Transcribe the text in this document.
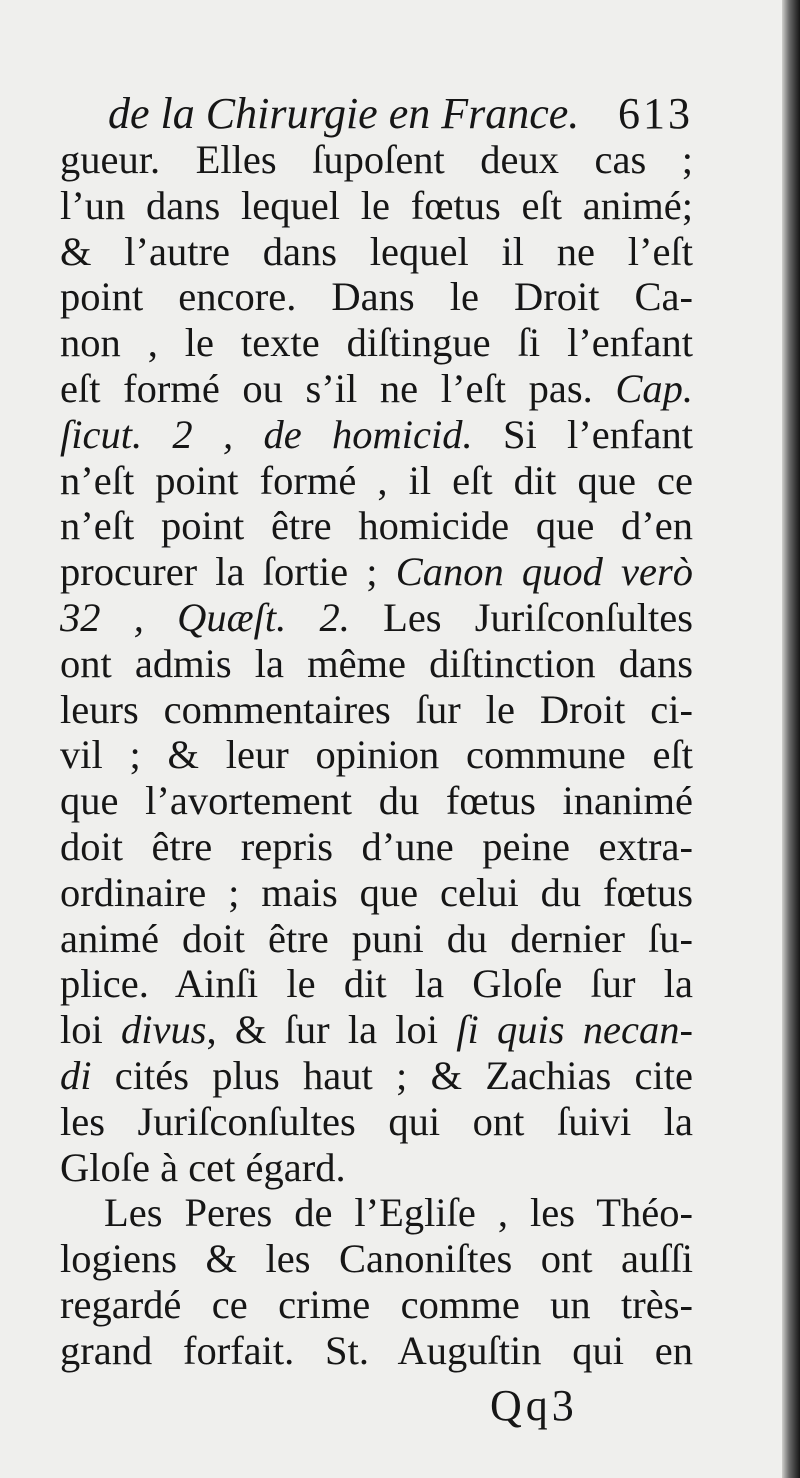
de la Chirurgie en France. 613
gueur. Elles ſupoſent deux cas ;
l’un dans lequel le fœtus eſt animé;
& l’autre dans lequel il ne l’eſt
point encore. Dans le Droit Ca-
non , le texte diſtingue ſi l’enfant
eſt formé ou s’il ne l’eſt pas. Cap.
ſicut. 2 , de homicid. Si l’enfant
n’eſt point formé , il eſt dit que ce
n’eſt point être homicide que d’en
procurer la ſortie ; Canon quod verò
32 , Quæſt. 2. Les Juriſconſultes
ont admis la même diſtinction dans
leurs commentaires ſur le Droit ci-
vil ; & leur opinion commune eſt
que l’avortement du fœtus inanimé
doit être repris d’une peine extra-
ordinaire ; mais que celui du fœtus
animé doit être puni du dernier ſu-
plice. Ainſi le dit la Gloſe ſur la
loi divus, & ſur la loi ſi quis necan-
di cités plus haut ; & Zachias cite
les Juriſconſultes qui ont ſuivi la
Gloſe à cet égard.
Les Peres de l’Egliſe , les Théo-
logiens & les Canoniſtes ont auſſi
regardé ce crime comme un très-
grand forfait. St. Auguſtin qui en
Qq3
